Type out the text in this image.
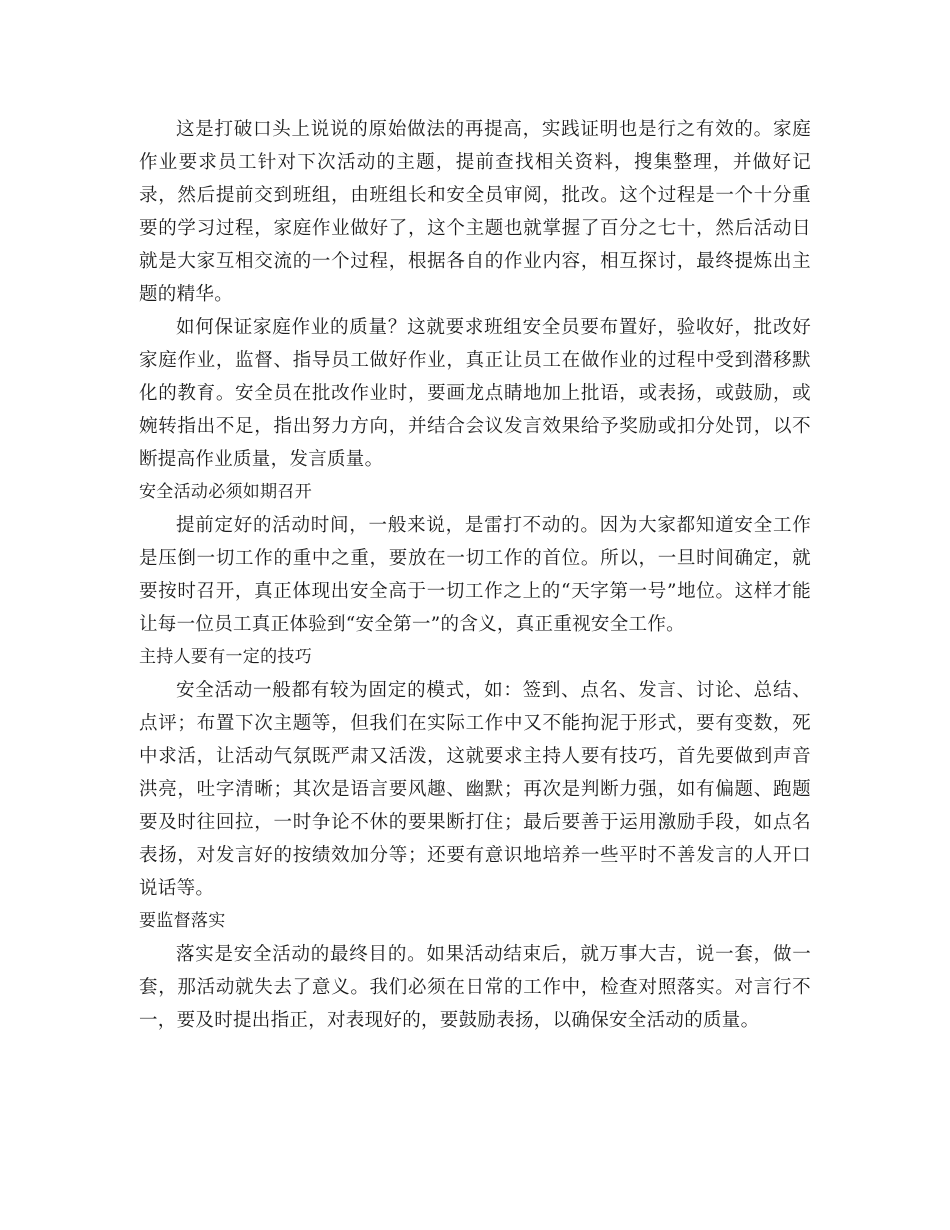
这是打破口头上说说的原始做法的再提高，实践证明也是行之有效的。家庭作业要求员工针对下次活动的主题，提前查找相关资料，搜集整理，并做好记录，然后提前交到班组，由班组长和安全员审阅，批改。这个过程是一个十分重要的学习过程，家庭作业做好了，这个主题也就掌握了百分之七十，然后活动日就是大家互相交流的一个过程，根据各自的作业内容，相互探讨，最终提炼出主题的精华。

如何保证家庭作业的质量？这就要求班组安全员要布置好，验收好，批改好家庭作业，监督、指导员工做好作业，真正让员工在做作业的过程中受到潜移默化的教育。安全员在批改作业时，要画龙点睛地加上批语，或表扬，或鼓励，或婉转指出不足，指出努力方向，并结合会议发言效果给予奖励或扣分处罚，以不断提高作业质量，发言质量。

安全活动必须如期召开

提前定好的活动时间，一般来说，是雷打不动的。因为大家都知道安全工作是压倒一切工作的重中之重，要放在一切工作的首位。所以，一旦时间确定，就要按时召开，真正体现出安全高于一切工作之上的“天字第一号”地位。这样才能让每一位员工真正体验到“安全第一”的含义，真正重视安全工作。

主持人要有一定的技巧

安全活动一般都有较为固定的模式，如：签到、点名、发言、讨论、总结、点评；布置下次主题等，但我们在实际工作中又不能拘泥于形式，要有变数，死中求活，让活动气氛既严肃又活泼，这就要求主持人要有技巧，首先要做到声音洪亮，吐字清晰；其次是语言要风趣、幽默；再次是判断力强，如有偏题、跑题要及时往回拉，一时争论不休的要果断打住；最后要善于运用激励手段，如点名表扬，对发言好的按绩效加分等；还要有意识地培养一些平时不善发言的人开口说话等。

要监督落实

落实是安全活动的最终目的。如果活动结束后，就万事大吉，说一套，做一套，那活动就失去了意义。我们必须在日常的工作中，检查对照落实。对言行不一，要及时提出指正，对表现好的，要鼓励表扬，以确保安全活动的质量。
